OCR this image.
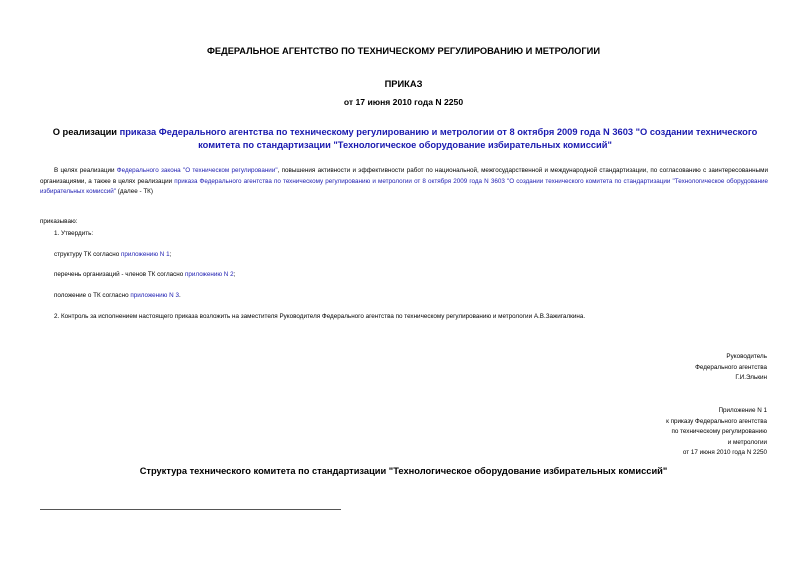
ФЕДЕРАЛЬНОЕ АГЕНТСТВО ПО ТЕХНИЧЕСКОМУ РЕГУЛИРОВАНИЮ И МЕТРОЛОГИИ
ПРИКАЗ
от 17 июня 2010 года N 2250
О реализации приказа Федерального агентства по техническому регулированию и метрологии от 8 октября 2009 года N 3603 "О создании технического комитета по стандартизации "Технологическое оборудование избирательных комиссий"
В целях реализации Федерального закона "О техническом регулировании", повышения активности и эффективности работ по национальной, межгосударственной и международной стандартизации, по согласованию с заинтересованными организациями, а также в целях реализации приказа Федерального агентства по техническому регулированию и метрологии от 8 октября 2009 года N 3603 "О создании технического комитета по стандартизации "Технологическое оборудование избирательных комиссий" (далее - ТК)
приказываю:
1. Утвердить:
структуру ТК согласно приложению N 1;
перечень организаций - членов ТК согласно приложению N 2;
положение о ТК согласно приложению N 3.
2. Контроль за исполнением настоящего приказа возложить на заместителя Руководителя Федерального агентства по техническому регулированию и метрологии А.В.Зажигалкина.
Руководитель
Федерального агентства
Г.И.Элькин
Приложение N 1
к приказу Федерального агентства
по техническому регулированию
и метрологии
от 17 июня 2010 года N 2250
Структура технического комитета по стандартизации "Технологическое оборудование избирательных комиссий"
